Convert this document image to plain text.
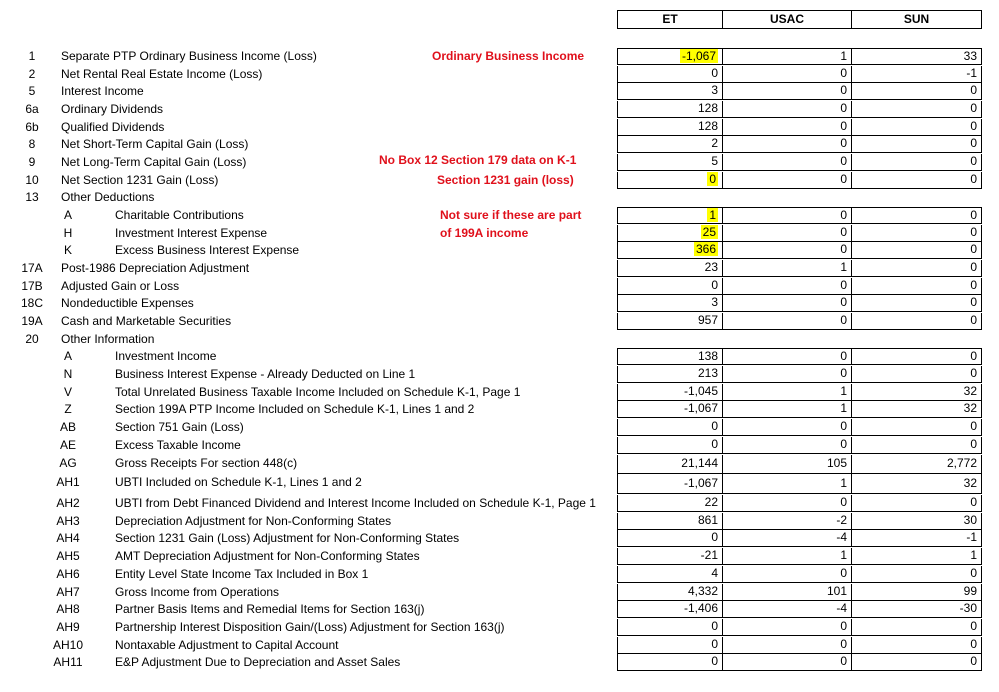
ET	USAC	SUN
1	Separate PTP Ordinary Business Income (Loss)	-1,067	1	33
2	Net Rental Real Estate Income (Loss)	0	0	-1
5	Interest Income	3	0	0
6a	Ordinary Dividends	128	0	0
6b	Qualified Dividends	128	0	0
8	Net Short-Term Capital Gain (Loss)	2	0	0
9	Net Long-Term Capital Gain (Loss)	5	0	0
10	Net Section 1231 Gain (Loss)	0	0	0
13	Other Deductions
A	Charitable Contributions	1	0	0
H	Investment Interest Expense	25	0	0
K	Excess Business Interest Expense	366	0	0
17A	Post-1986 Depreciation Adjustment	23	1	0
17B	Adjusted Gain or Loss	0	0	0
18C	Nondeductible Expenses	3	0	0
19A	Cash and Marketable Securities	957	0	0
20	Other Information
A	Investment Income	138	0	0
N	Business Interest Expense - Already Deducted on Line 1	213	0	0
V	Total Unrelated Business Taxable Income Included on Schedule K-1, Page 1	-1,045	1	32
Z	Section 199A PTP Income Included on Schedule K-1, Lines 1 and 2	-1,067	1	32
AB	Section 751 Gain (Loss)	0	0	0
AE	Excess Taxable Income	0	0	0
AG	Gross Receipts For section 448(c)	21,144	105	2,772
AH1	UBTI Included on Schedule K-1, Lines 1 and 2	-1,067	1	32
AH2	UBTI from Debt Financed Dividend and Interest Income Included on Schedule K-1, Page 1	22	0	0
AH3	Depreciation Adjustment for Non-Conforming States	861	-2	30
AH4	Section 1231 Gain (Loss) Adjustment for Non-Conforming States	0	-4	-1
AH5	AMT Depreciation Adjustment for Non-Conforming States	-21	1	1
AH6	Entity Level State Income Tax Included in Box 1	4	0	0
AH7	Gross Income from Operations	4,332	101	99
AH8	Partner Basis Items and Remedial Items for Section 163(j)	-1,406	-4	-30
AH9	Partnership Interest Disposition Gain/(Loss) Adjustment for Section 163(j)	0	0	0
AH10	Nontaxable Adjustment to Capital Account	0	0	0
AH11	E&P Adjustment Due to Depreciation and Asset Sales	0	0	0
Ordinary Business Income
No Box 12 Section 179 data on K-1
Section 1231 gain (loss)
Not sure if these are part
of 199A income
